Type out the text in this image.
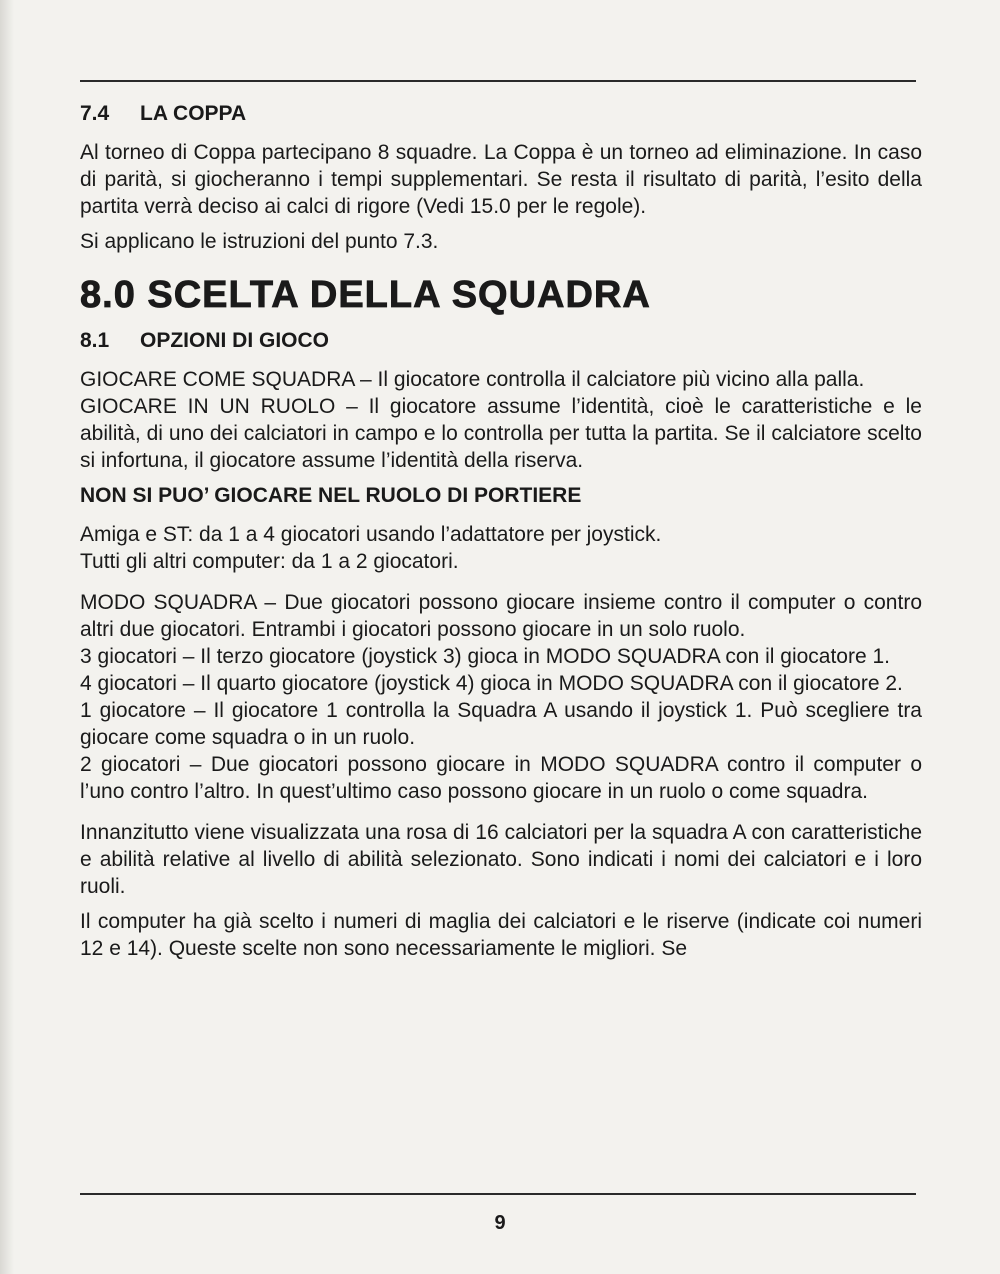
7.4 LA COPPA

Al torneo di Coppa partecipano 8 squadre. La Coppa è un torneo ad eliminazione. In caso di parità, si giocheranno i tempi supplementari. Se resta il risultato di parità, l’esito della partita verrà deciso ai calci di rigore (Vedi 15.0 per le regole).

Si applicano le istruzioni del punto 7.3.

8.0 SCELTA DELLA SQUADRA
8.1 OPZIONI DI GIOCO

GIOCARE COME SQUADRA – Il giocatore controlla il calciatore più vicino alla palla.

GIOCARE IN UN RUOLO – Il giocatore assume l’identità, cioè le caratteristiche e le abilità, di uno dei calciatori in campo e lo controlla per tutta la partita. Se il calciatore scelto si infortuna, il giocatore assume l’identità della riserva.

NON SI PUO’ GIOCARE NEL RUOLO DI PORTIERE

Amiga e ST: da 1 a 4 giocatori usando l’adattatore per joystick.

Tutti gli altri computer: da 1 a 2 giocatori.

MODO SQUADRA – Due giocatori possono giocare insieme contro il computer o contro altri due giocatori. Entrambi i giocatori possono giocare in un solo ruolo.

3 giocatori – Il terzo giocatore (joystick 3) gioca in MODO SQUADRA con il giocatore 1.

4 giocatori – Il quarto giocatore (joystick 4) gioca in MODO SQUADRA con il giocatore 2.

1 giocatore – Il giocatore 1 controlla la Squadra A usando il joystick 1. Può scegliere tra giocare come squadra o in un ruolo.

2 giocatori – Due giocatori possono giocare in MODO SQUADRA contro il computer o l’uno contro l’altro. In quest’ultimo caso possono giocare in un ruolo o come squadra.

Innanzitutto viene visualizzata una rosa di 16 calciatori per la squadra A con caratteristiche e abilità relative al livello di abilità selezionato. Sono indicati i nomi dei calciatori e i loro ruoli.

Il computer ha già scelto i numeri di maglia dei calciatori e le riserve (indicate coi numeri 12 e 14). Queste scelte non sono necessariamente le migliori. Se

9
